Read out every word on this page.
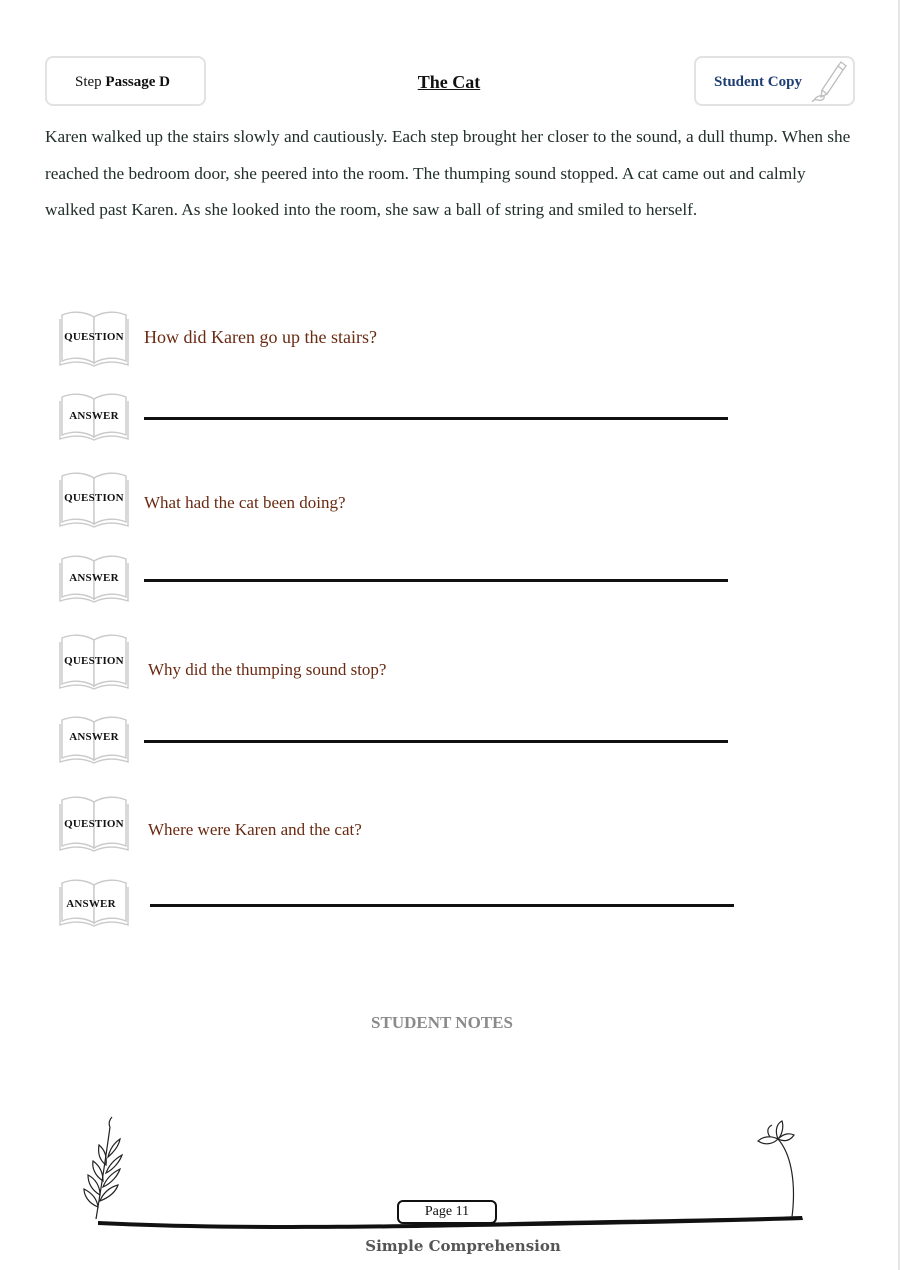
Step Passage D	The Cat	Student Copy

Karen walked up the stairs slowly and cautiously. Each step brought her closer to the sound, a dull thump. When she reached the bedroom door, she peered into the room. The thumping sound stopped. A cat came out and calmly walked past Karen. As she looked into the room, she saw a ball of string and smiled to herself.

QUESTION	How did Karen go up the stairs?
ANSWER
QUESTION	What had the cat been doing?
ANSWER
QUESTION	Why did the thumping sound stop?
ANSWER
QUESTION	Where were Karen and the cat?
ANSWER
STUDENT NOTES
Page 11
Simple Comprehension
